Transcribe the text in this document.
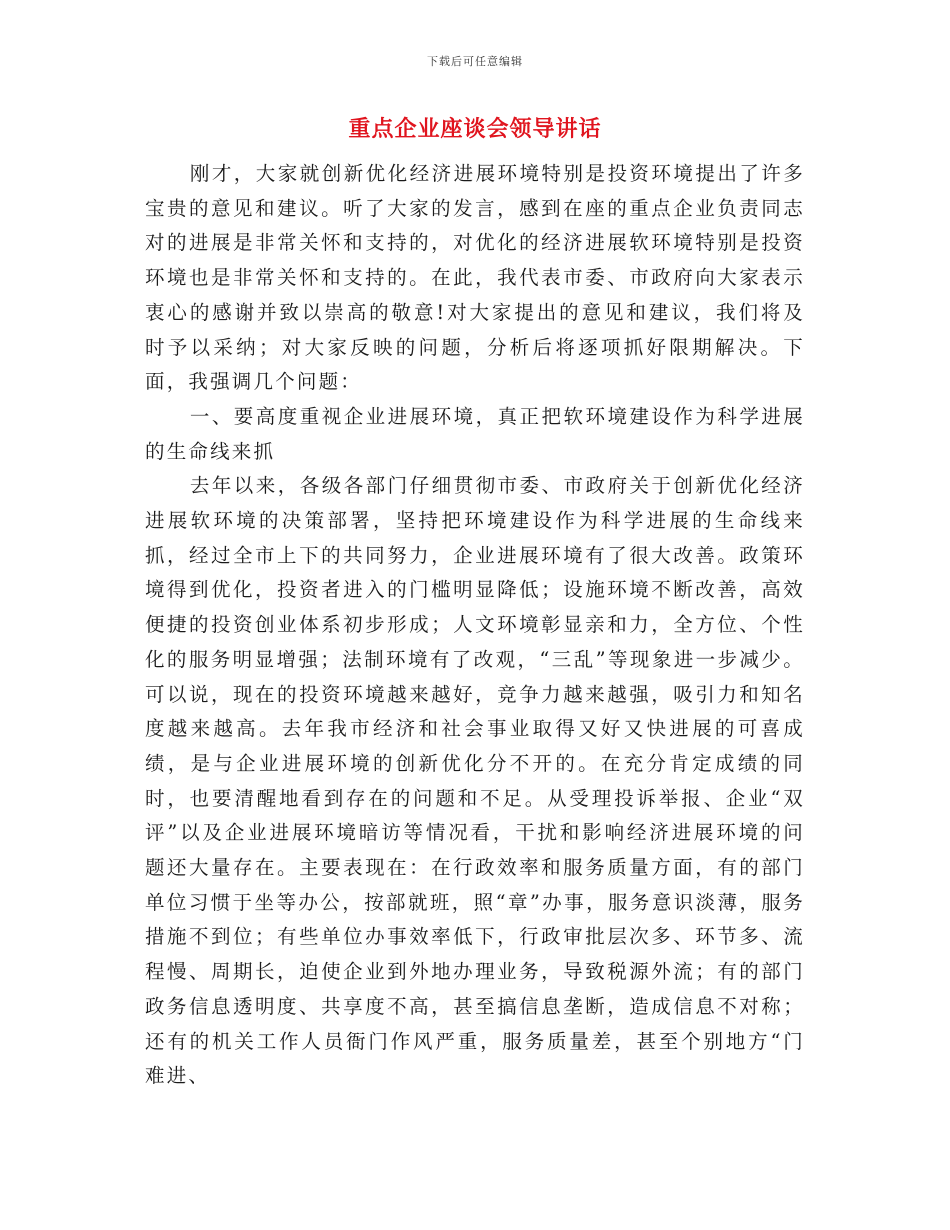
下载后可任意编辑
重点企业座谈会领导讲话

刚才，大家就创新优化经济进展环境特别是投资环境提出了许多宝贵的意见和建议。听了大家的发言，感到在座的重点企业负责同志对的进展是非常关怀和支持的，对优化的经济进展软环境特别是投资环境也是非常关怀和支持的。在此，我代表市委、市政府向大家表示衷心的感谢并致以崇高的敬意!对大家提出的意见和建议，我们将及时予以采纳；对大家反映的问题，分析后将逐项抓好限期解决。下面，我强调几个问题：

一、要高度重视企业进展环境，真正把软环境建设作为科学进展的生命线来抓

去年以来，各级各部门仔细贯彻市委、市政府关于创新优化经济进展软环境的决策部署，坚持把环境建设作为科学进展的生命线来抓，经过全市上下的共同努力，企业进展环境有了很大改善。政策环境得到优化，投资者进入的门槛明显降低；设施环境不断改善，高效便捷的投资创业体系初步形成；人文环境彰显亲和力，全方位、个性化的服务明显增强；法制环境有了改观，“三乱”等现象进一步减少。可以说，现在的投资环境越来越好，竞争力越来越强，吸引力和知名度越来越高。去年我市经济和社会事业取得又好又快进展的可喜成绩，是与企业进展环境的创新优化分不开的。在充分肯定成绩的同时，也要清醒地看到存在的问题和不足。从受理投诉举报、企业“双评”以及企业进展环境暗访等情况看，干扰和影响经济进展环境的问题还大量存在。主要表现在：在行政效率和服务质量方面，有的部门单位习惯于坐等办公，按部就班，照“章”办事，服务意识淡薄，服务措施不到位；有些单位办事效率低下，行政审批层次多、环节多、流程慢、周期长，迫使企业到外地办理业务，导致税源外流；有的部门政务信息透明度、共享度不高，甚至搞信息垄断，造成信息不对称；还有的机关工作人员衙门作风严重，服务质量差，甚至个别地方“门难进、
